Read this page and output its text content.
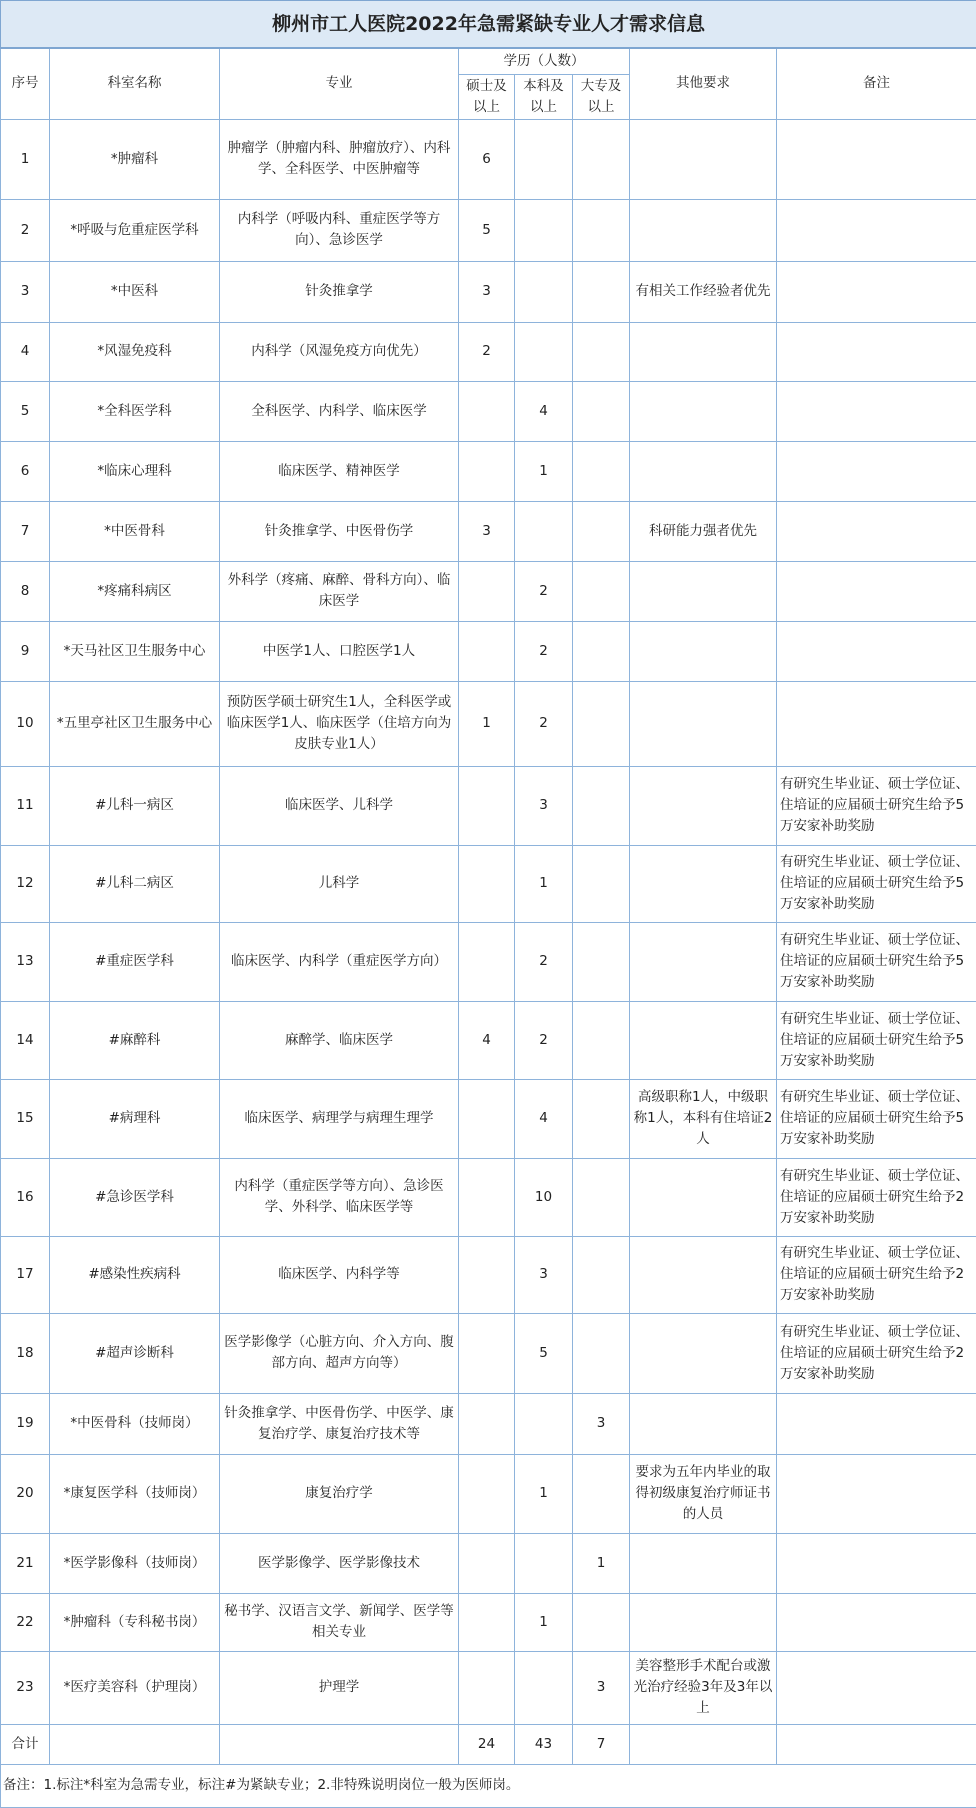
柳州市工人医院2022年急需紧缺专业人才需求信息							
序号	科室名称	专业	学历（人数）			其他要求	备注
			硕士及以上	本科及以上	大专及以上		
1	*肿瘤科	肿瘤学（肿瘤内科、肿瘤放疗）、内科学、全科医学、中医肿瘤等	6				
2	*呼吸与危重症医学科	内科学（呼吸内科、重症医学等方向）、急诊医学	5				
3	*中医科	针灸推拿学	3			有相关工作经验者优先	
4	*风湿免疫科	内科学（风湿免疫方向优先）	2				
5	*全科医学科	全科医学、内科学、临床医学		4			
6	*临床心理科	临床医学、精神医学		1			
7	*中医骨科	针灸推拿学、中医骨伤学	3			科研能力强者优先	
8	*疼痛科病区	外科学（疼痛、麻醉、骨科方向）、临床医学		2			
9	*天马社区卫生服务中心	中医学1人、口腔医学1人		2			
10	*五里亭社区卫生服务中心	预防医学硕士研究生1人，全科医学或临床医学1人、临床医学（住培方向为皮肤专业1人）	1	2			
11	#儿科一病区	临床医学、儿科学		3			有研究生毕业证、硕士学位证、住培证的应届硕士研究生给予5万安家补助奖励
12	#儿科二病区	儿科学		1			有研究生毕业证、硕士学位证、住培证的应届硕士研究生给予5万安家补助奖励
13	#重症医学科	临床医学、内科学（重症医学方向）		2			有研究生毕业证、硕士学位证、住培证的应届硕士研究生给予5万安家补助奖励
14	#麻醉科	麻醉学、临床医学	4	2			有研究生毕业证、硕士学位证、住培证的应届硕士研究生给予5万安家补助奖励
15	#病理科	临床医学、病理学与病理生理学		4		高级职称1人，中级职称1人，本科有住培证2人	有研究生毕业证、硕士学位证、住培证的应届硕士研究生给予5万安家补助奖励
16	#急诊医学科	内科学（重症医学等方向）、急诊医学、外科学、临床医学等		10			有研究生毕业证、硕士学位证、住培证的应届硕士研究生给予2万安家补助奖励
17	#感染性疾病科	临床医学、内科学等		3			有研究生毕业证、硕士学位证、住培证的应届硕士研究生给予2万安家补助奖励
18	#超声诊断科	医学影像学（心脏方向、介入方向、腹部方向、超声方向等）		5			有研究生毕业证、硕士学位证、住培证的应届硕士研究生给予2万安家补助奖励
19	*中医骨科（技师岗）	针灸推拿学、中医骨伤学、中医学、康复治疗学、康复治疗技术等			3		
20	*康复医学科（技师岗）	康复治疗学		1		要求为五年内毕业的取得初级康复治疗师证书的人员	
21	*医学影像科（技师岗）	医学影像学、医学影像技术			1		
22	*肿瘤科（专科秘书岗）	秘书学、汉语言文学、新闻学、医学等相关专业		1			
23	*医疗美容科（护理岗）	护理学			3	美容整形手术配台或激光治疗经验3年及3年以上	
合计			24	43	7		
备注：1.标注*科室为急需专业，标注#为紧缺专业；2.非特殊说明岗位一般为医师岗。							
